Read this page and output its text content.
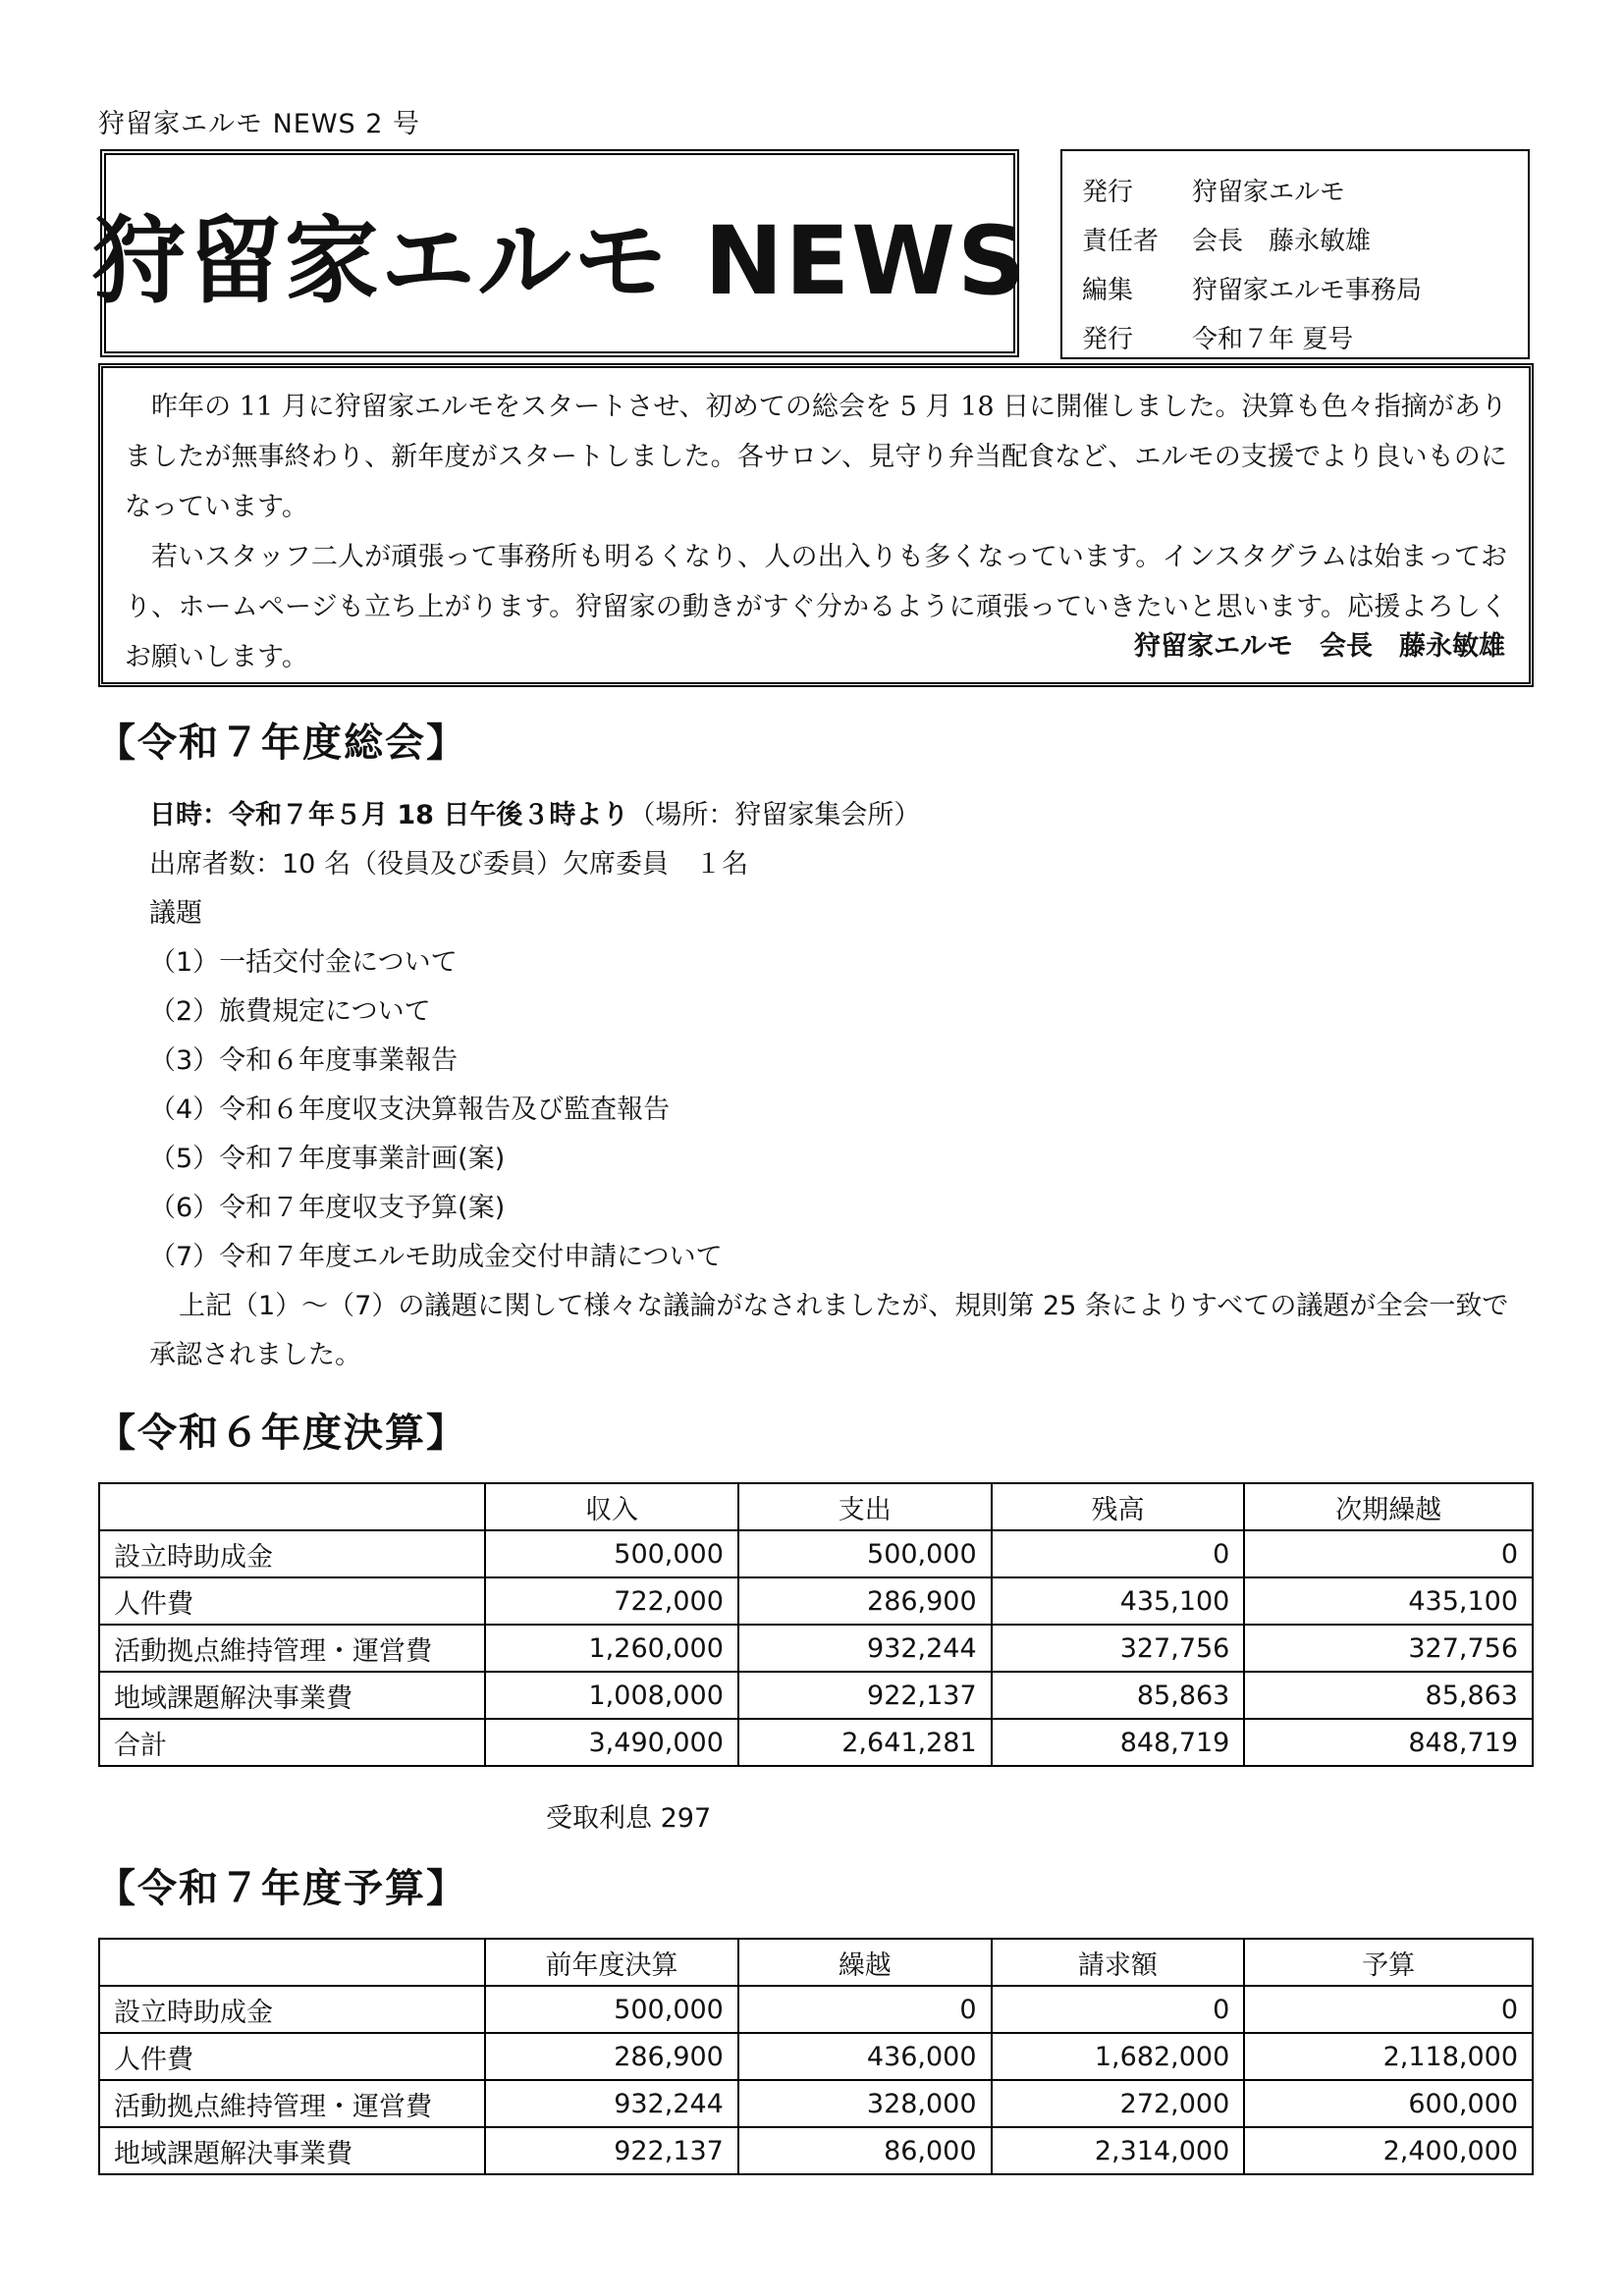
狩留家エルモ NEWS 2 号
狩留家エルモ NEWS
発行	狩留家エルモ
責任者	会長　藤永敏雄
編集	狩留家エルモ事務局
発行	令和７年 夏号

昨年の 11 月に狩留家エルモをスタートさせ、初めての総会を 5 月 18 日に開催しました。決算も色々指摘がありましたが無事終わり、新年度がスタートしました。各サロン、見守り弁当配食など、エルモの支援でより良いものになっています。

若いスタッフ二人が頑張って事務所も明るくなり、人の出入りも多くなっています。インスタグラムは始まっており、ホームページも立ち上がります。狩留家の動きがすぐ分かるように頑張っていきたいと思います。応援よろしくお願いします。	狩留家エルモ　会長　藤永敏雄
【令和７年度総会】
日時：令和７年５月 18 日午後３時より（場所：狩留家集会所）
出席者数：10 名（役員及び委員）欠席委員　１名
議題
（1）一括交付金について
（2）旅費規定について
（3）令和６年度事業報告
（4）令和６年度収支決算報告及び監査報告
（5）令和７年度事業計画(案)
（6）令和７年度収支予算(案)
（7）令和７年度エルモ助成金交付申請について
上記（1）～（7）の議題に関して様々な議論がなされましたが、規則第 25 条によりすべての議題が全会一致で
承認されました。
【令和６年度決算】
	収入	支出	残高	次期繰越
設立時助成金	500,000	500,000	0	0
人件費	722,000	286,900	435,100	435,100
活動拠点維持管理・運営費	1,260,000	932,244	327,756	327,756
地域課題解決事業費	1,008,000	922,137	85,863	85,863
合計	3,490,000	2,641,281	848,719	848,719
受取利息 297
【令和７年度予算】
	前年度決算	繰越	請求額	予算
設立時助成金	500,000	0	0	0
人件費	286,900	436,000	1,682,000	2,118,000
活動拠点維持管理・運営費	932,244	328,000	272,000	600,000
地域課題解決事業費	922,137	86,000	2,314,000	2,400,000
